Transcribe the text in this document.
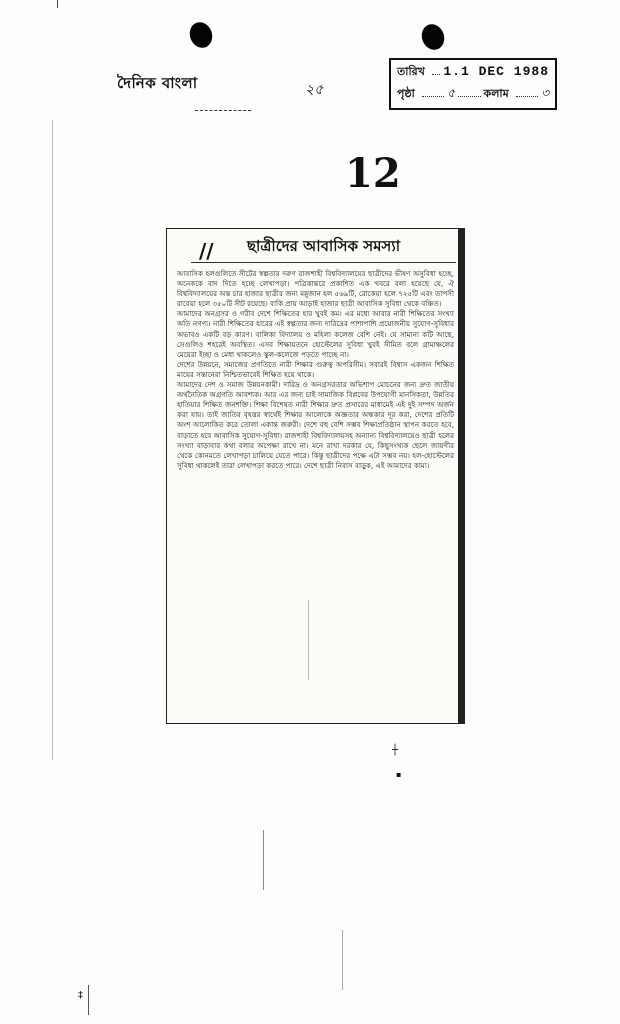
দৈনিক বাংলা	২৫
তারিখ 1.1 DEC 1988
পৃষ্ঠা	৫	কলাম	৩
12
// ছাত্রীদের আবাসিক সমস্যা

আবাসিক হলগুলিতে সীটের স্বল্পতার দরুণ রাজশাহী বিশ্ববিদ্যালয়ের ছাত্রীদের ভীষণ অসুবিধা হচ্ছে, অনেককে বাদ দিতে হচ্ছে লেখাপড়া। পত্রিকান্তরে প্রকাশিত এক খবরে বলা হয়েছে যে, ঐ বিশ্ববিদ্যালয়ের অন্ত চার হাজার ছাত্রীর জন্য মন্নুজান হল ৫৬৯টি, রোকেয়া হলে ৭২৫টি এবং তাপসী রাবেয়া হলে ৩৫০টি সীট রয়েছে। বাকি প্রায় আড়াই হাজার ছাত্রী আবাসিক সুবিধা থেকে বঞ্চিত।

আমাদের অনগ্রসর ও গরীব দেশে শিক্ষিতের হার খুবই কম। এর মধ্যে আবার নারী শিক্ষিতের সংখ্যা অতি নগণ্য। নারী শিক্ষিতের হারের এই স্বল্পতার জন্য দারিদ্রের পাশাপাশি প্রয়োজনীয় সুযোগ-সুবিধার অভাবও একটি বড় কারণ। বালিকা বিদ্যালয় ও মহিলা কলেজ বেশি নেই। যে সামান্য কটি আছে, সেগুলিও শহরেই অবস্থিত। এসব শিক্ষায়তনে হোস্টেলের সুবিধা খুবই সীমিত বলে গ্রামাঞ্চলের মেয়েরা ইচ্ছা ও মেধা থাকলেও স্কুল-কলেজে পড়তে পাচ্ছে না।

দেশের উন্নয়নে, সমাজের প্রগতিতে নারী শিক্ষার গুরুত্ব অপরিসীম। সবারই বিশ্বাস একজন শিক্ষিত মায়ের সন্তানেরা নিশ্চিতভাবেই শিক্ষিত হয়ে থাকে।

আমাদের দেশ ও সমাজ উন্নয়নকামী। দারিদ্র ও অনগ্রসরতার অভিশাপ মোচনের জন্য দ্রুত জাতীয় অর্থনৈতিক অগ্রগতি আবশ্যক। আর এর জন্য চাই সামাজিক বিপ্লবের উপযোগী মানসিকতা, উন্নতির হাতিয়ার শিক্ষিত জনশক্তি। শিক্ষা বিশেষত নারী শিক্ষার দ্রুত প্রসারের মাধ্যমেই এই দুই সম্পদ অর্জন করা যায়। তাই জাতির বৃহত্তর স্বার্থেই শিক্ষার আলোকে অজ্ঞতার অন্ধকার দূর করা, দেশের প্রতিটি অংশ আলোকিত করে তোলা একান্ত জরুরী। দেশে বহু বেশি সম্ভব শিক্ষাপ্রতিষ্ঠান স্থাপন করতে হবে, বাড়াতে হবে আবাসিক সুযোগ-সুবিধা। রাজশাহী বিশ্ববিদ্যালয়সহ অন্যান্য বিশ্ববিদ্যালয়েও ছাত্রী হলের সংখ্যা বাড়াবার কথা বলার অপেক্ষা রাখে না। মনে রাখা দরকার যে, কিছুসংখ্যক ছেলে জায়গীর থেকে কোনমতে লেখাপড়া চালিয়ে যেতে পারে। কিন্তু ছাত্রীদের পক্ষে এটা সম্ভব নয়। হল-হোস্টেলের সুবিধা থাকলেই তারা লেখাপড়া করতে পারে। দেশে ছাত্রী নিবাস বাড়ুক, এই আমাদের কাম্য।

┼
▪
‡
